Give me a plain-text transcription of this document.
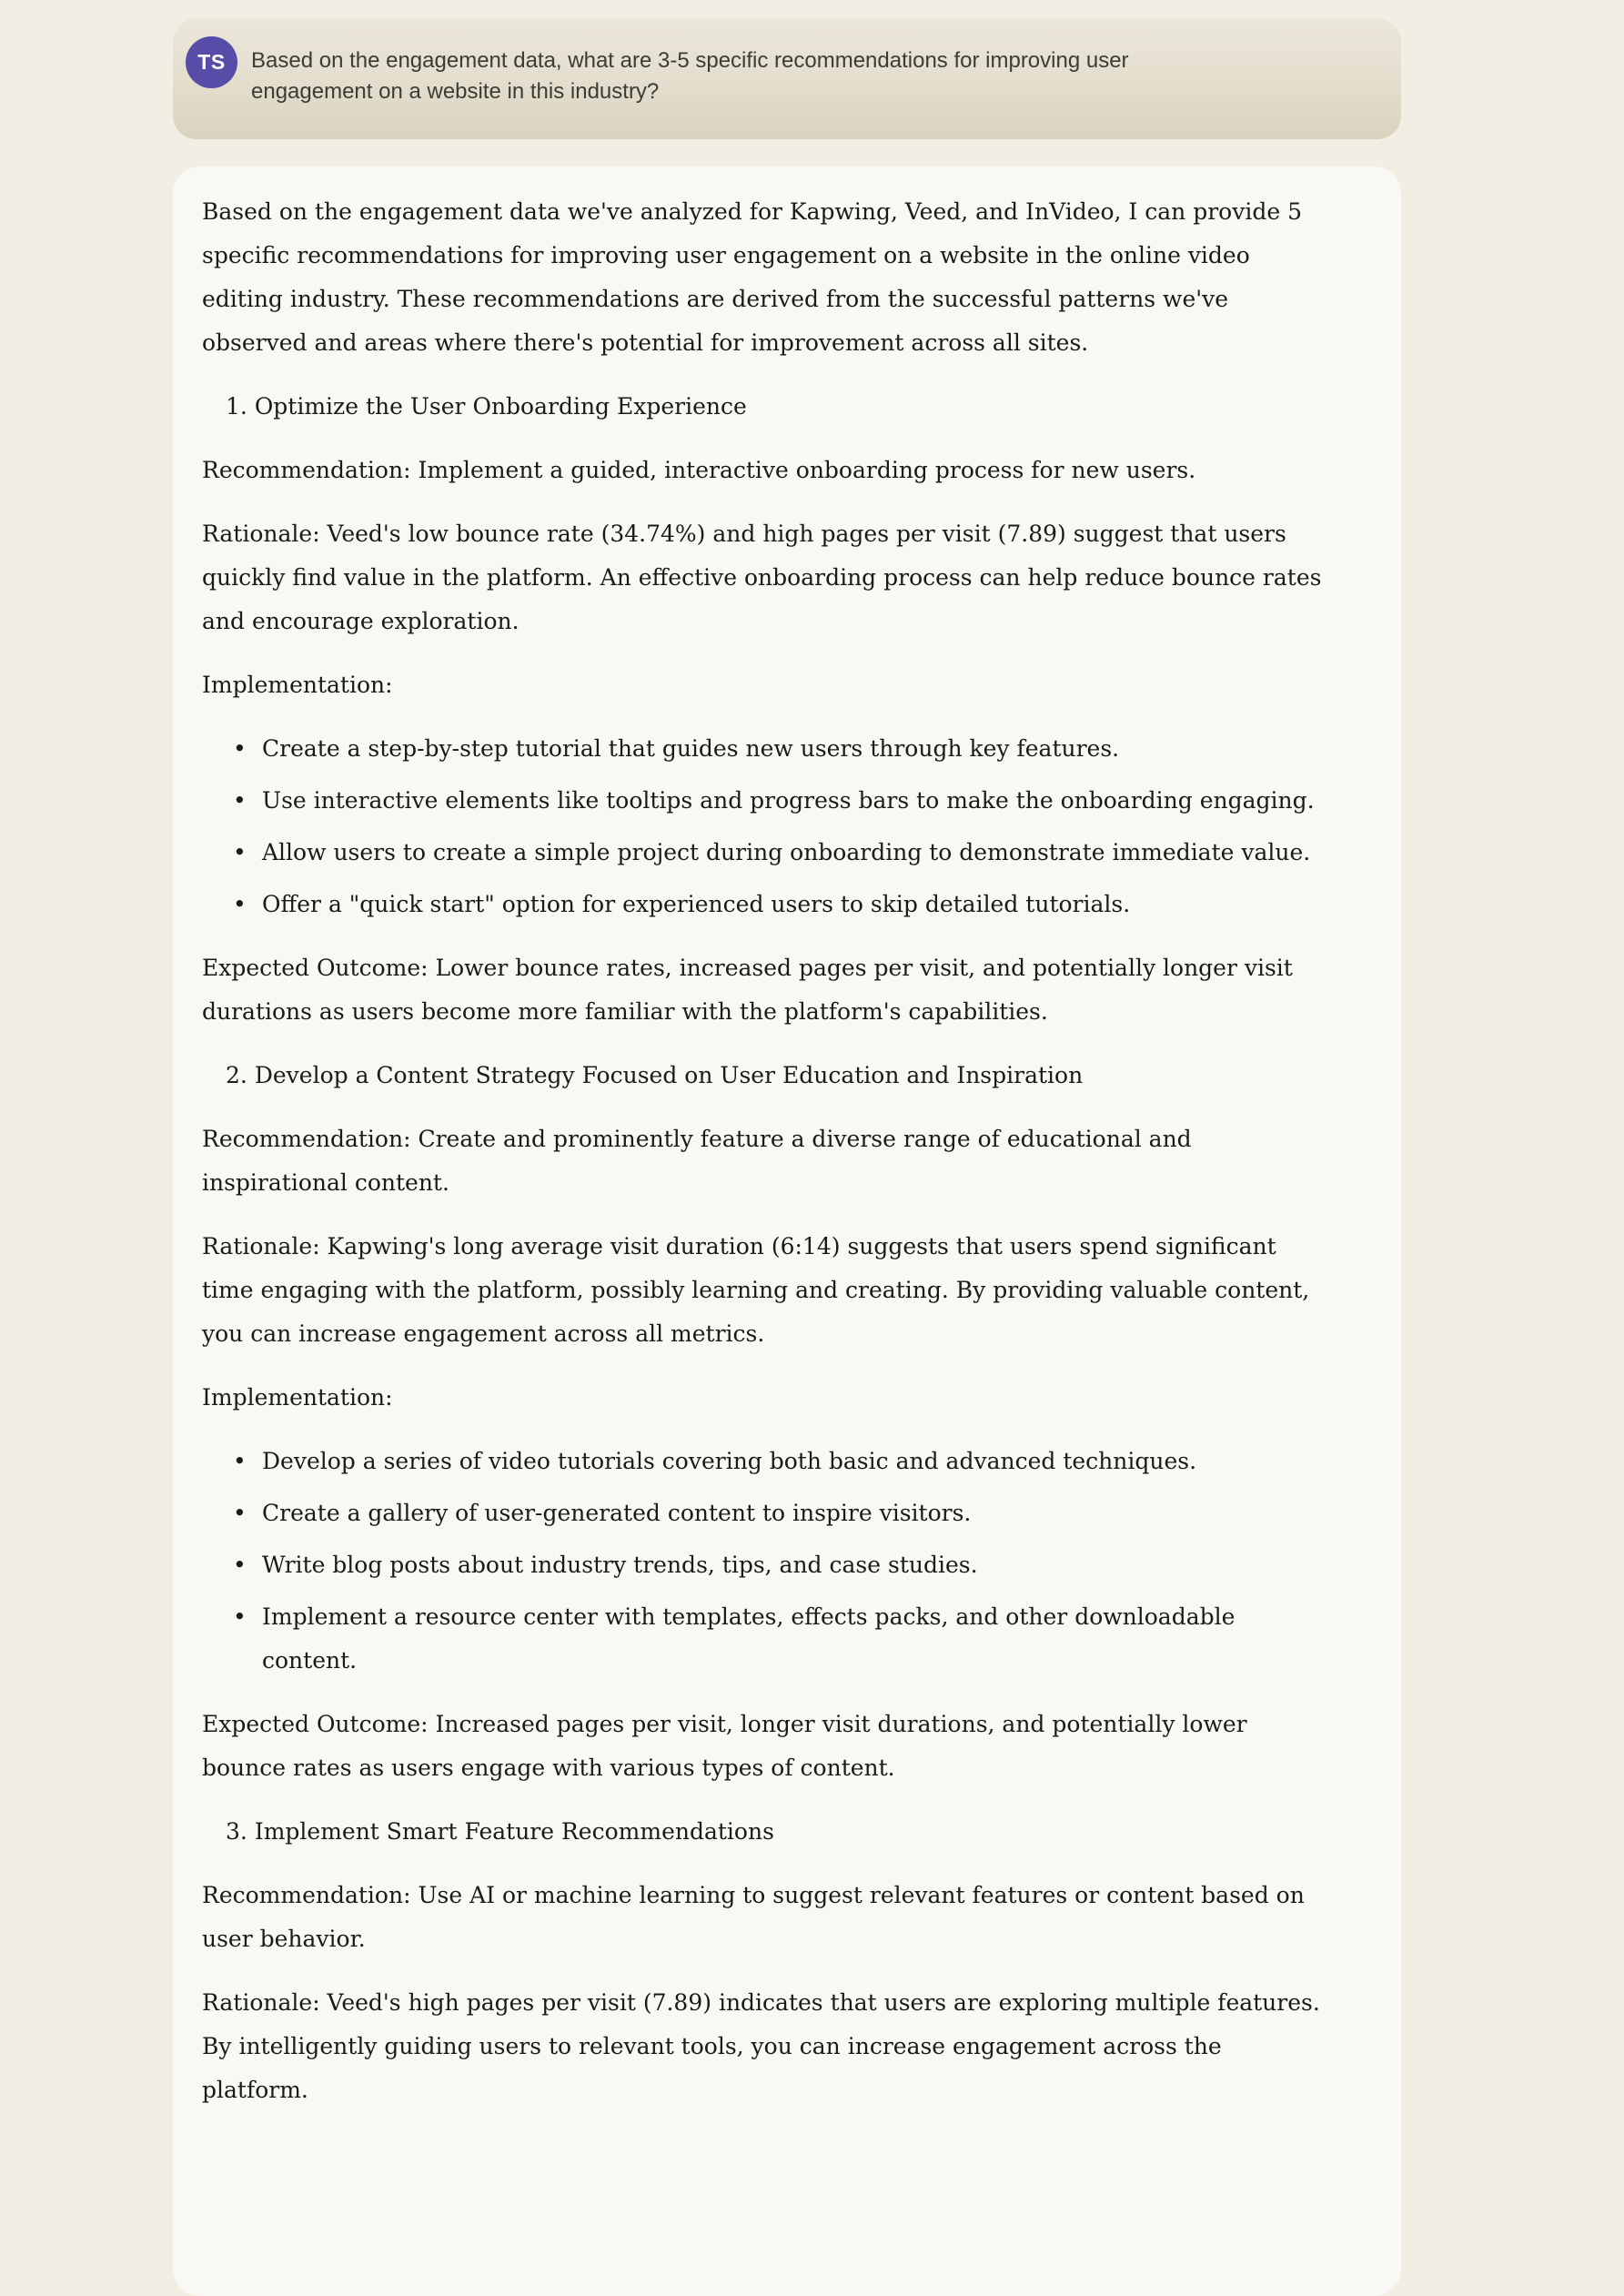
TS Based on the engagement data, what are 3-5 specific recommendations for improving user engagement on a website in this industry?

Based on the engagement data we've analyzed for Kapwing, Veed, and InVideo, I can provide 5 specific recommendations for improving user engagement on a website in the online video editing industry. These recommendations are derived from the successful patterns we've observed and areas where there's potential for improvement across all sites.

1. Optimize the User Onboarding Experience

Recommendation: Implement a guided, interactive onboarding process for new users.

Rationale: Veed's low bounce rate (34.74%) and high pages per visit (7.89) suggest that users quickly find value in the platform. An effective onboarding process can help reduce bounce rates and encourage exploration.

Implementation:

• Create a step-by-step tutorial that guides new users through key features.
• Use interactive elements like tooltips and progress bars to make the onboarding engaging.
• Allow users to create a simple project during onboarding to demonstrate immediate value.
• Offer a "quick start" option for experienced users to skip detailed tutorials.

Expected Outcome: Lower bounce rates, increased pages per visit, and potentially longer visit durations as users become more familiar with the platform's capabilities.

2. Develop a Content Strategy Focused on User Education and Inspiration

Recommendation: Create and prominently feature a diverse range of educational and inspirational content.

Rationale: Kapwing's long average visit duration (6:14) suggests that users spend significant time engaging with the platform, possibly learning and creating. By providing valuable content, you can increase engagement across all metrics.

Implementation:

• Develop a series of video tutorials covering both basic and advanced techniques.
• Create a gallery of user-generated content to inspire visitors.
• Write blog posts about industry trends, tips, and case studies.
• Implement a resource center with templates, effects packs, and other downloadable content.

Expected Outcome: Increased pages per visit, longer visit durations, and potentially lower bounce rates as users engage with various types of content.

3. Implement Smart Feature Recommendations

Recommendation: Use AI or machine learning to suggest relevant features or content based on user behavior.

Rationale: Veed's high pages per visit (7.89) indicates that users are exploring multiple features. By intelligently guiding users to relevant tools, you can increase engagement across the platform.
